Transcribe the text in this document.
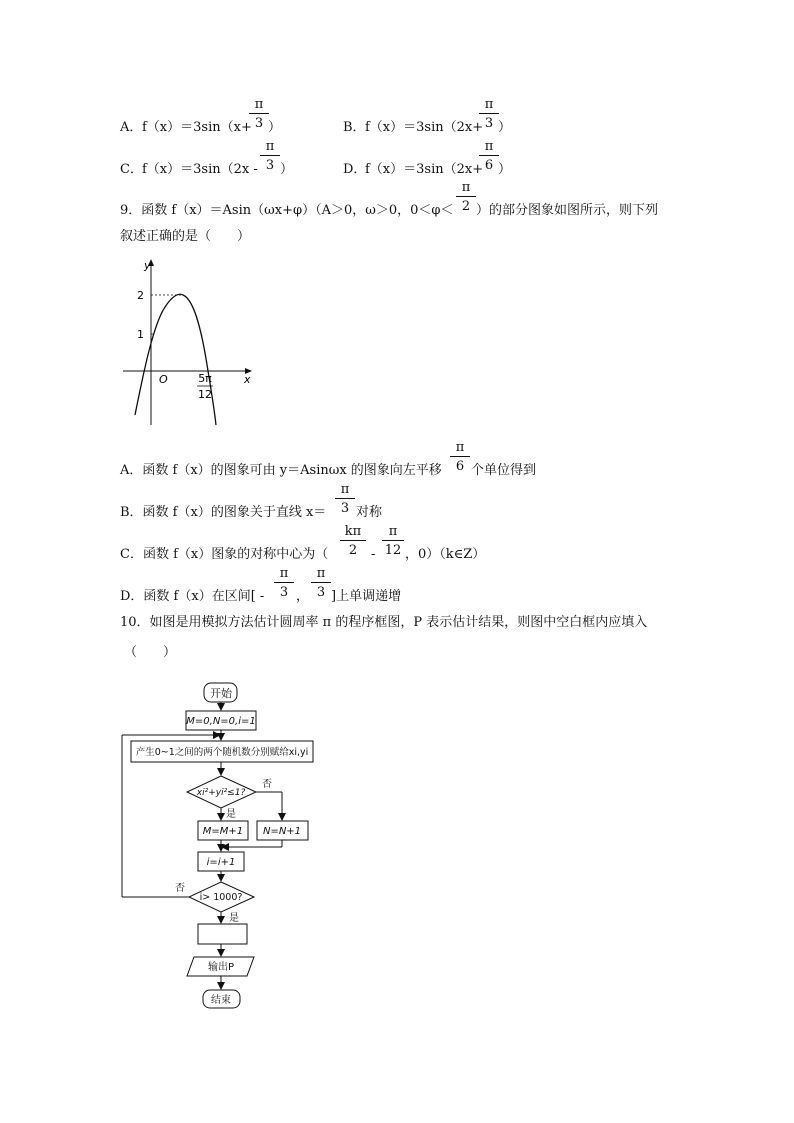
A． f（x）＝3sin（x+
π
3 ）	B． f（x）＝3sin（2x+
π
3 ）
C． f（x）＝3sin（2x -
π
3 ）	D．
f（x）＝3sin（2x+
π
6 ）
9．函数 f（x）＝Asin（ωx+φ）（A＞0，ω＞0，0＜φ＜
π
2 ）的部分图象如图所示，则下列
叙述正确的是（　　）
y
x
O
2
1
5π
12
A．函数 f（x）的图象可由 y＝Asinωx 的图象向左平移
π
6 个单位得到
B．函数 f（x）的图象关于直线 x＝
π
3 对称
C．函数 f（x）图象的对称中心为（
kπ
2	-
π
12 ，0）（k∈Z）
D．函数 f（x）在区间[ -
π
3 ，
π
3 ]上单调递增
10．如图是用模拟方法估计圆周率 π 的程序框图，P 表示估计结果，则图中空白框内应填入
（　　）
开始
M=0,N=0,i=1
产生0~1之间的两个随机数分别赋给xi,yi
xi²+yi²≤1?
否
是
M=M+1 N=N+1
i=i+1
i> 1000?
否
是
输出P
结束
